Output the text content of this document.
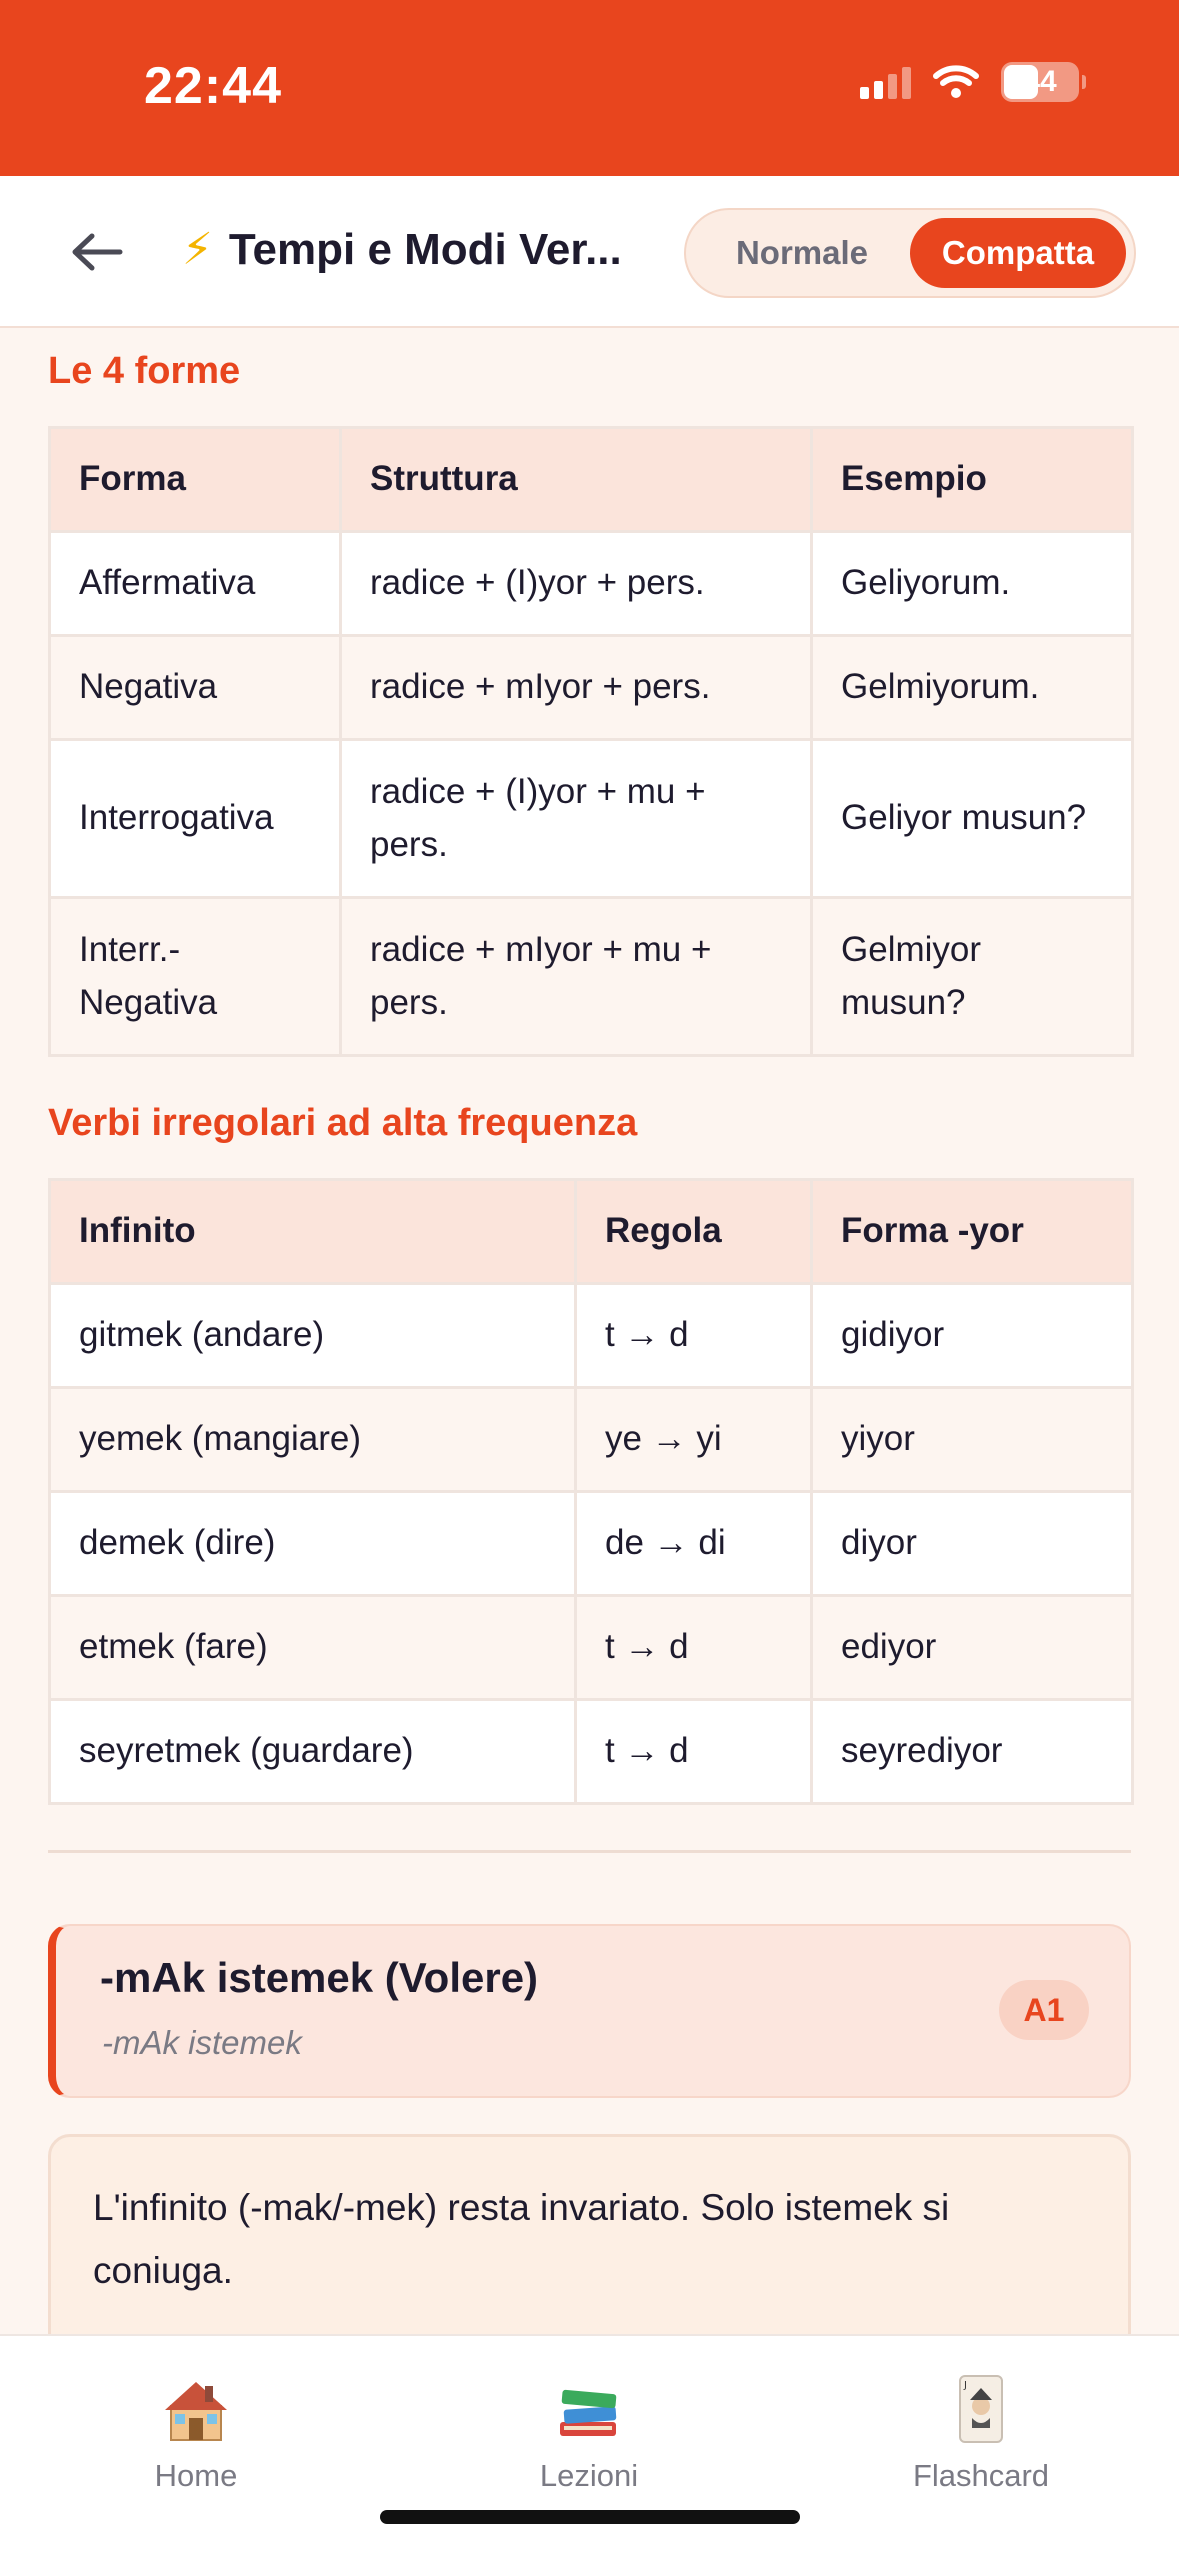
22:44	44
⚡ Tempi e Modi Ver...	Normale	Compatta
Le 4 forme
Forma	Struttura	Esempio
Affermativa	radice + (I)yor + pers.	Geliyorum.
Negativa	radice + mIyor + pers.	Gelmiyorum.
Interrogativa	radice + (I)yor + mu + pers.	Geliyor musun?
Interr.-Negativa	radice + mIyor + mu + pers.	Gelmiyor musun?
Verbi irregolari ad alta frequenza
Infinito	Regola	Forma -yor
gitmek (andare)	t → d	gidiyor
yemek (mangiare)	ye → yi	yiyor
demek (dire)	de → di	diyor
etmek (fare)	t → d	ediyor
seyretmek (guardare)	t → d	seyrediyor
-mAk istemek (Volere)
-mAk istemek
A1
L'infinito (-mak/-mek) resta invariato. Solo istemek si coniuga.
Home	Lezioni
J
Flashcard
